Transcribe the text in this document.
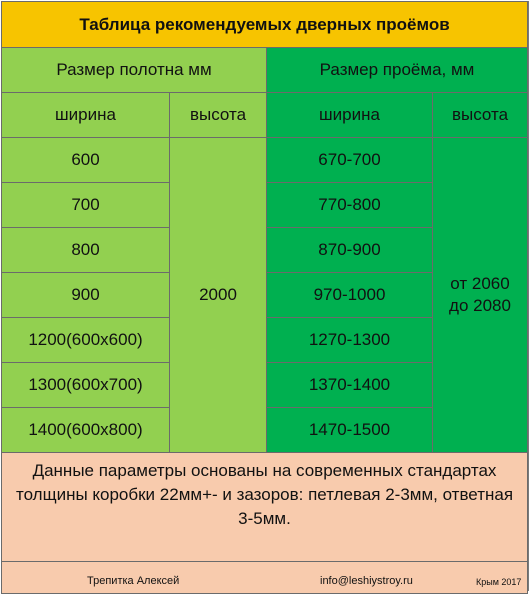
Таблица рекомендуемых дверных проёмов			
Размер полотна мм		Размер проёма, мм	
ширина	высота	ширина	высота
600	2000	670-700	от 2060
до 2080
700		770-800	
800		870-900	
900		970-1000	
1200(600х600)		1270-1300	
1300(600х700)		1370-1400	
1400(600х800)		1470-1500	
Данные параметры основаны на современных стандартах толщины коробки 22мм+- и зазоров: петлевая 2-3мм, ответная 3-5мм.			

Трепитка Алексей info@leshiystroy.ru Крым 2017			
